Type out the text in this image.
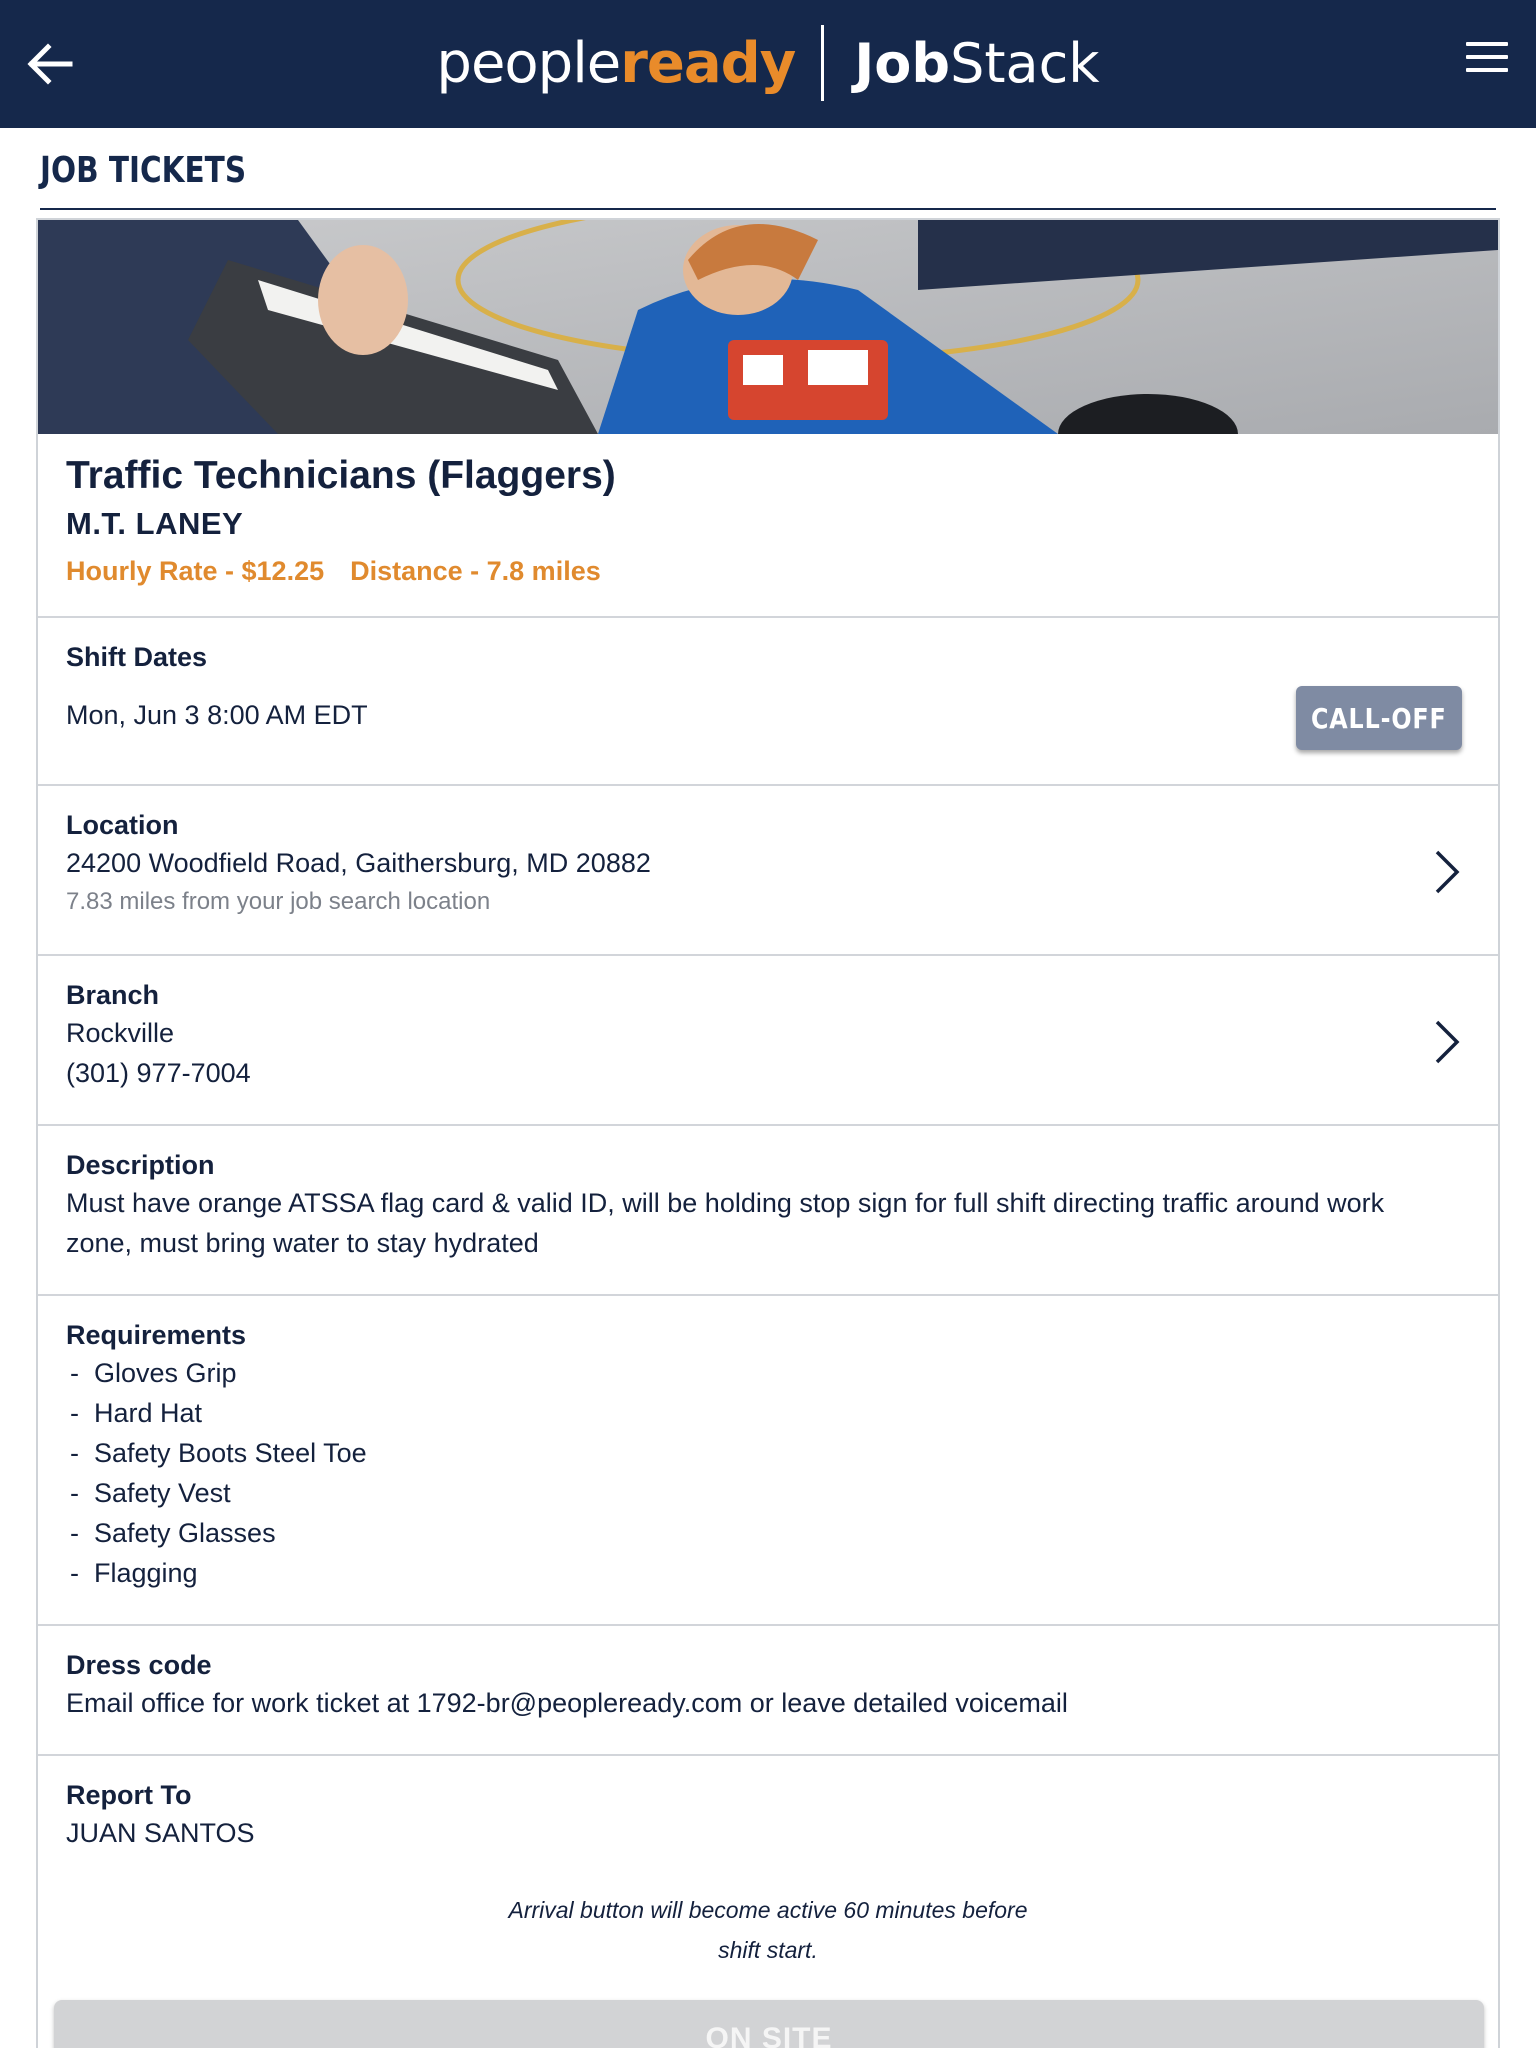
people ready Job Stack
JOB TICKETS
Traffic Technicians (Flaggers)
M.T. LANEY
Hourly Rate - $12.25 Distance - 7.8 miles
Shift Dates
Mon, Jun 3 8:00 AM EDT	CALL-OFF
Location
24200 Woodfield Road, Gaithersburg, MD 20882
7.83 miles from your job search location
Branch
Rockville
(301) 977-7004
Description
Must have orange ATSSA flag card & valid ID, will be holding stop sign for full shift directing traffic around work
zone, must bring water to stay hydrated
Requirements
- Gloves Grip
- Hard Hat
- Safety Boots Steel Toe
- Safety Vest
- Safety Glasses
- Flagging
Dress code
Email office for work ticket at 1792-br@peopleready.com or leave detailed voicemail
Report To
JUAN SANTOS
Arrival button will become active 60 minutes before
shift start.
ON SITE
